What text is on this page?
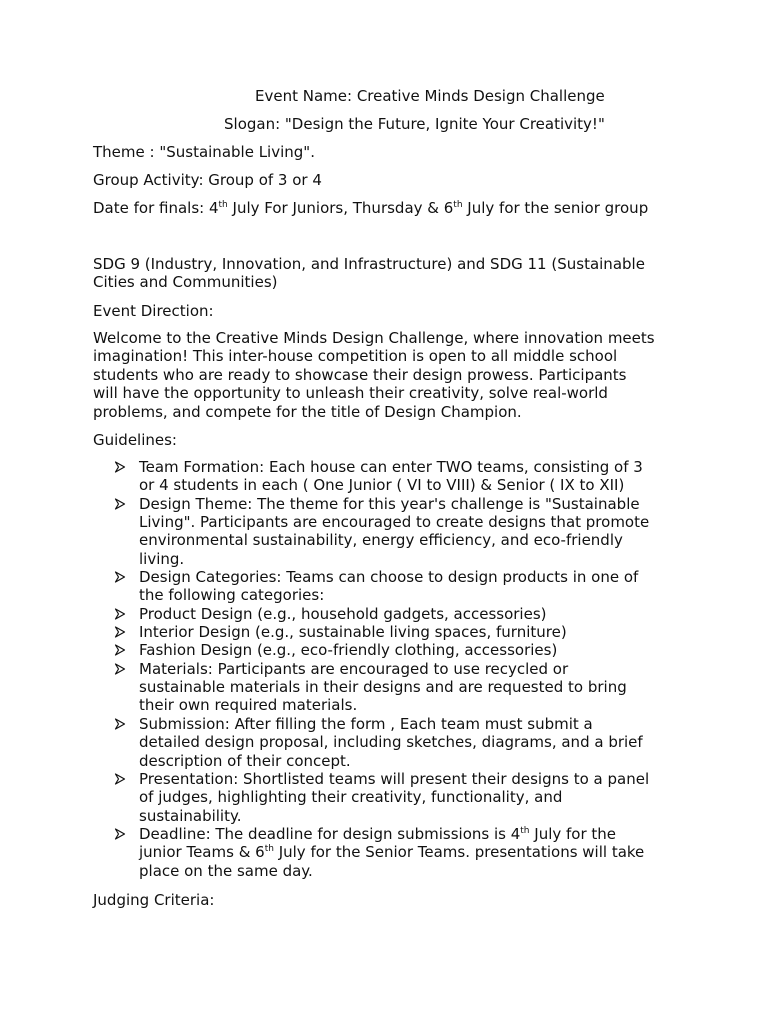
Event Name: Creative Minds Design Challenge
Slogan: "Design the Future, Ignite Your Creativity!"
Theme : "Sustainable Living".
Group Activity: Group of 3 or 4
Date for finals: 4th July For Juniors, Thursday & 6th July for the senior group
SDG 9 (Industry, Innovation, and Infrastructure) and SDG 11 (Sustainable
Cities and Communities)
Event Direction:
Welcome to the Creative Minds Design Challenge, where innovation meets
imagination! This inter-house competition is open to all middle school
students who are ready to showcase their design prowess. Participants
will have the opportunity to unleash their creativity, solve real-world
problems, and compete for the title of Design Champion.
Guidelines:
Team Formation: Each house can enter TWO teams, consisting of 3
or 4 students in each ( One Junior ( VI to VIII) & Senior ( IX to XII)
Design Theme: The theme for this year's challenge is "Sustainable
Living". Participants are encouraged to create designs that promote
environmental sustainability, energy efficiency, and eco-friendly
living.
Design Categories: Teams can choose to design products in one of
the following categories:
Product Design (e.g., household gadgets, accessories)
Interior Design (e.g., sustainable living spaces, furniture)
Fashion Design (e.g., eco-friendly clothing, accessories)
Materials: Participants are encouraged to use recycled or
sustainable materials in their designs and are requested to bring
their own required materials.
Submission: After filling the form , Each team must submit a
detailed design proposal, including sketches, diagrams, and a brief
description of their concept.
Presentation: Shortlisted teams will present their designs to a panel
of judges, highlighting their creativity, functionality, and
sustainability.
Deadline: The deadline for design submissions is 4th July for the
junior Teams & 6th July for the Senior Teams. presentations will take
place on the same day.
Judging Criteria:
